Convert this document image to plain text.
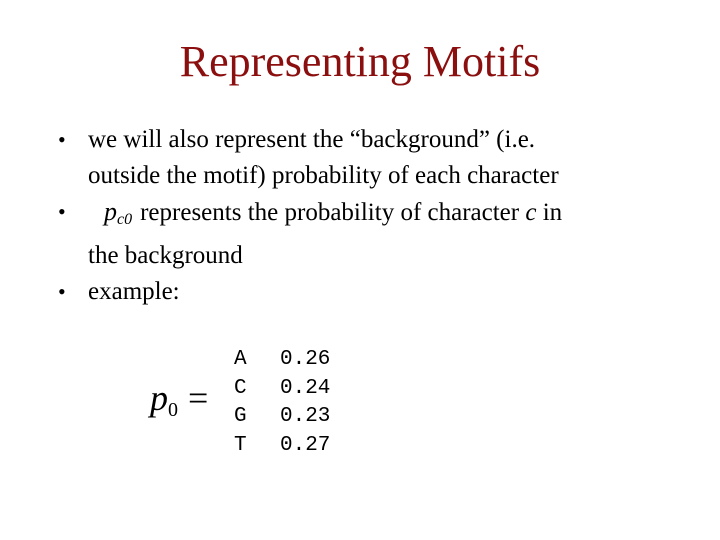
Representing Motifs
• we will also represent the “background” (i.e.
outside the motif) probability of each character
• $p_{c0}$ represents the probability of character c in
the background
• example:
$p_0$ =
A	0.26
C	0.24
G	0.23
T	0.27
